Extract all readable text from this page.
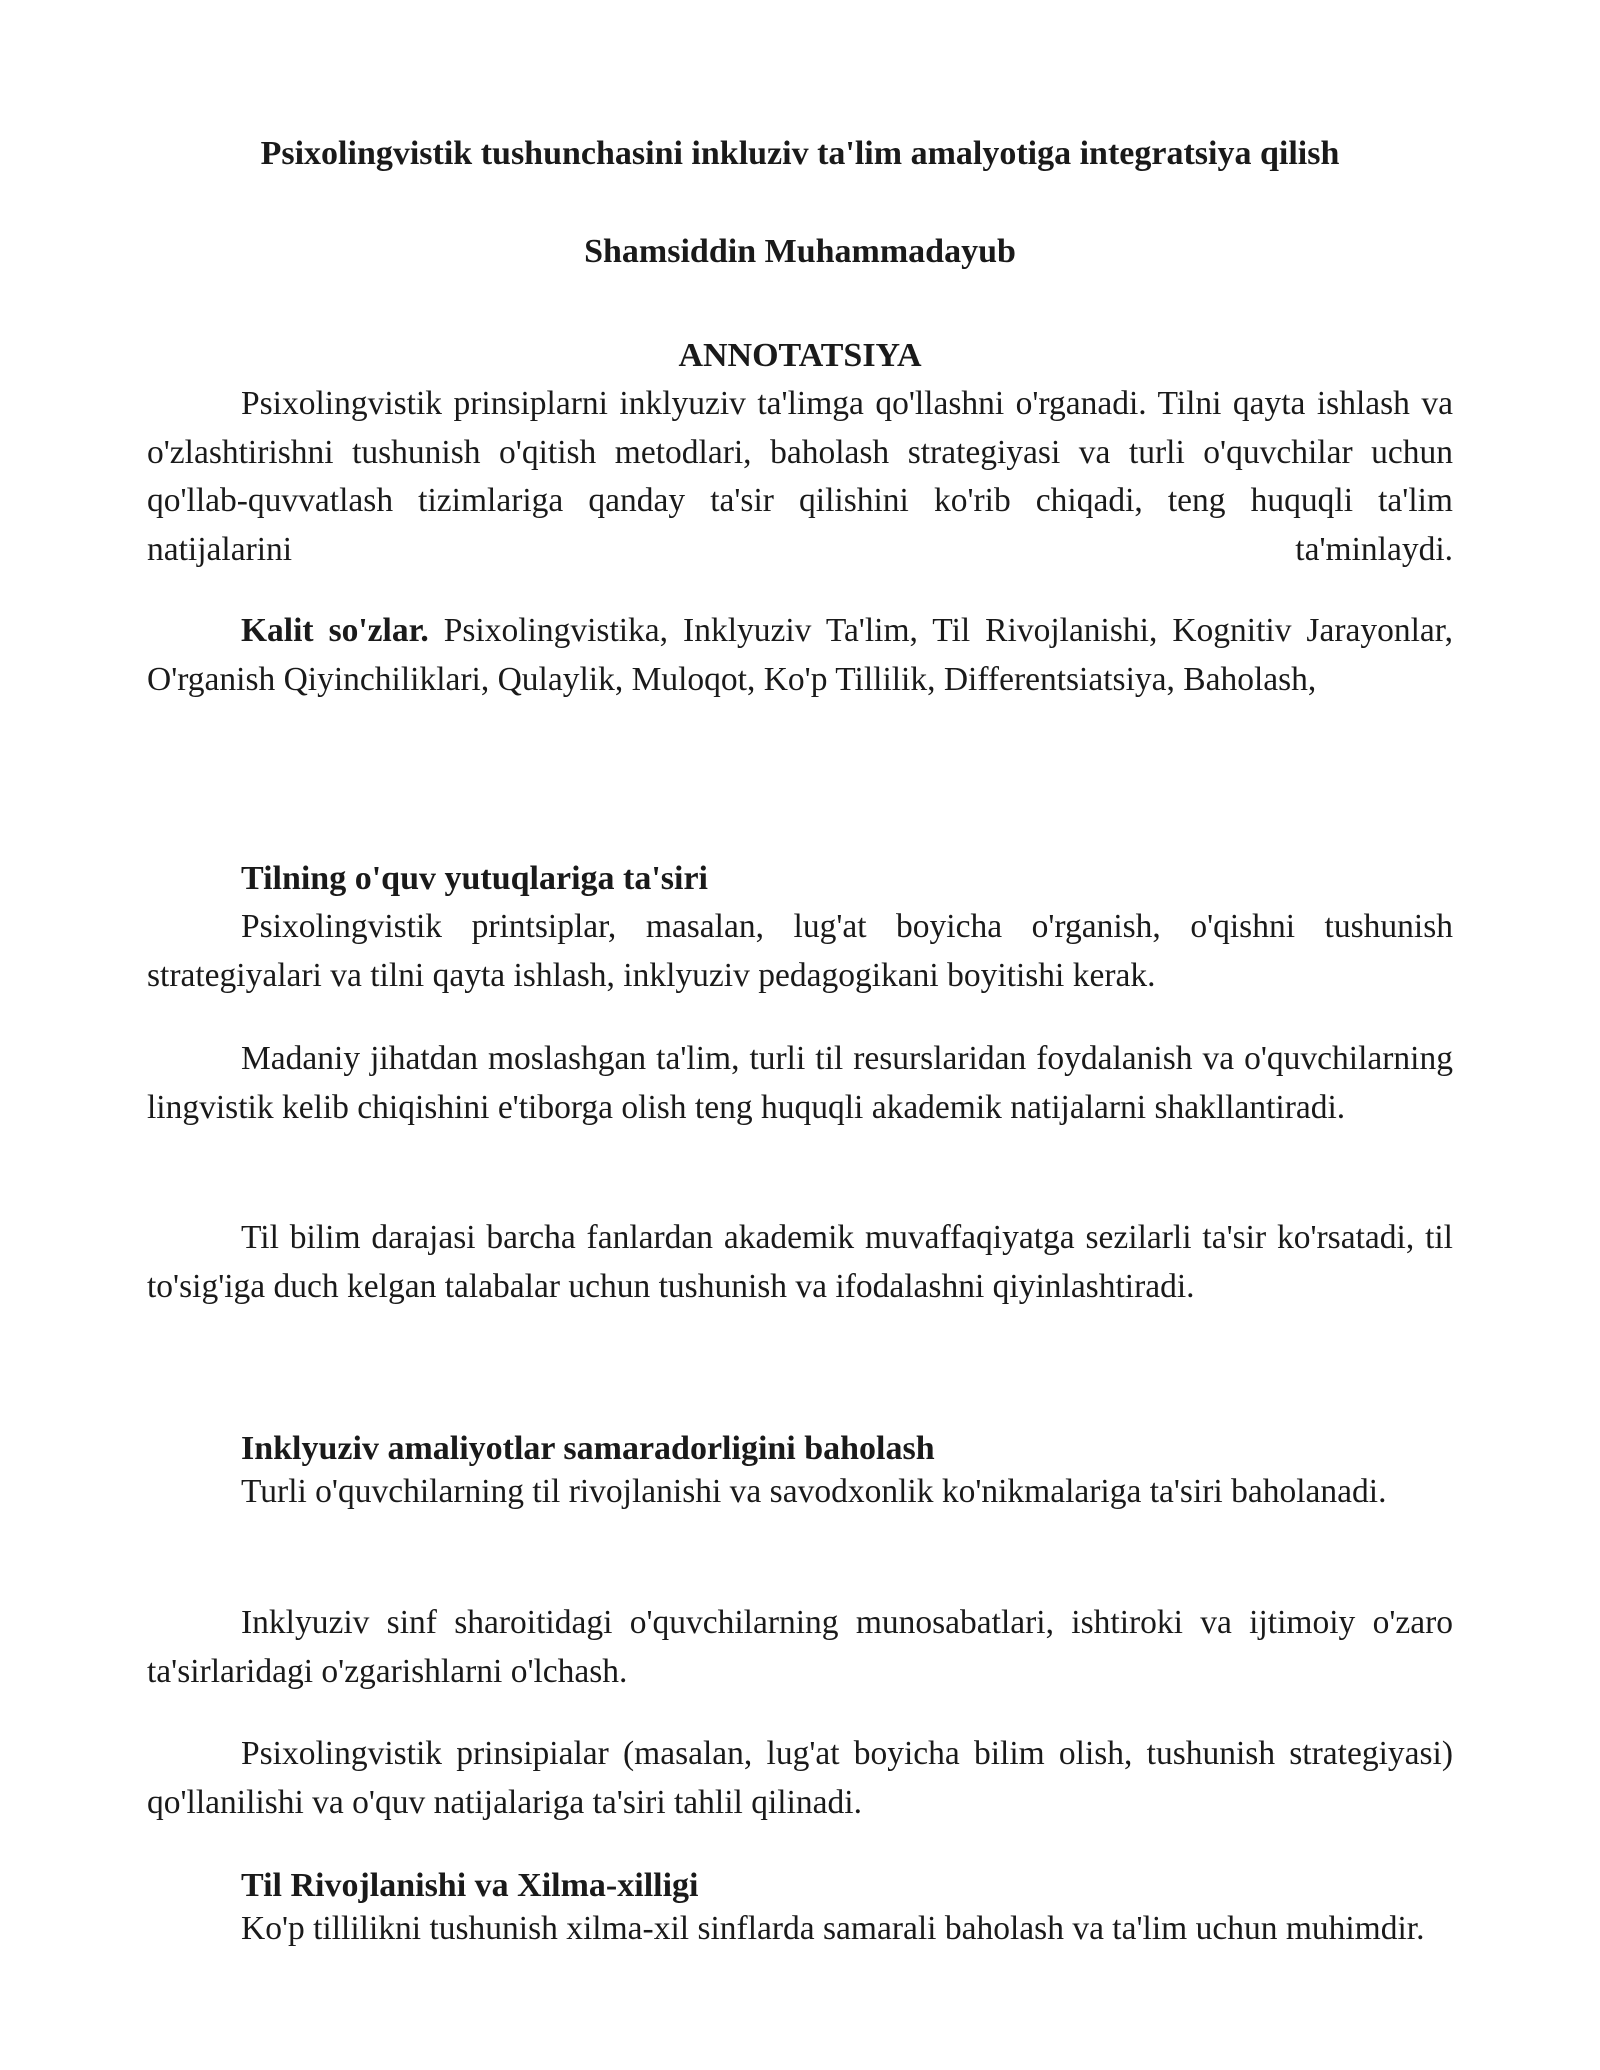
Psixolingvistik tushunchasini inkluziv ta'lim amalyotiga integratsiya qilish
Shamsiddin Muhammadayub
ANNOTATSIYA

Psixolingvistik prinsiplarni inklyuziv ta'limga qo'llashni o'rganadi. Tilni qayta ishlash va o'zlashtirishni tushunish o'qitish metodlari, baholash strategiyasi va turli o'quvchilar uchun qo'llab-quvvatlash tizimlariga qanday ta'sir qilishini ko'rib chiqadi, teng huquqli ta'lim natijalarini ta'minlaydi.

Kalit so'zlar. Psixolingvistika, Inklyuziv Ta'lim, Til Rivojlanishi, Kognitiv Jarayonlar, O'rganish Qiyinchiliklari, Qulaylik, Muloqot, Ko'p Tillilik, Differentsiatsiya, Baholash,

Tilning o'quv yutuqlariga ta'siri

Psixolingvistik printsiplar, masalan, lug'at boyicha o'rganish, o'qishni tushunish strategiyalari va tilni qayta ishlash, inklyuziv pedagogikani boyitishi kerak.

Madaniy jihatdan moslashgan ta'lim, turli til resurslaridan foydalanish va o'quvchilarning lingvistik kelib chiqishini e'tiborga olish teng huquqli akademik natijalarni shakllantiradi.

Til bilim darajasi barcha fanlardan akademik muvaffaqiyatga sezilarli ta'sir ko'rsatadi, til to'sig'iga duch kelgan talabalar uchun tushunish va ifodalashni qiyinlashtiradi.

Inklyuziv amaliyotlar samaradorligini baholash

Turli o'quvchilarning til rivojlanishi va savodxonlik ko'nikmalariga ta'siri baholanadi.

Inklyuziv sinf sharoitidagi o'quvchilarning munosabatlari, ishtiroki va ijtimoiy o'zaro ta'sirlaridagi o'zgarishlarni o'lchash.

Psixolingvistik prinsipialar (masalan, lug'at boyicha bilim olish, tushunish strategiyasi) qo'llanilishi va o'quv natijalariga ta'siri tahlil qilinadi.

Til Rivojlanishi va Xilma-xilligi

Ko'p tillilikni tushunish xilma-xil sinflarda samarali baholash va ta'lim uchun muhimdir.
